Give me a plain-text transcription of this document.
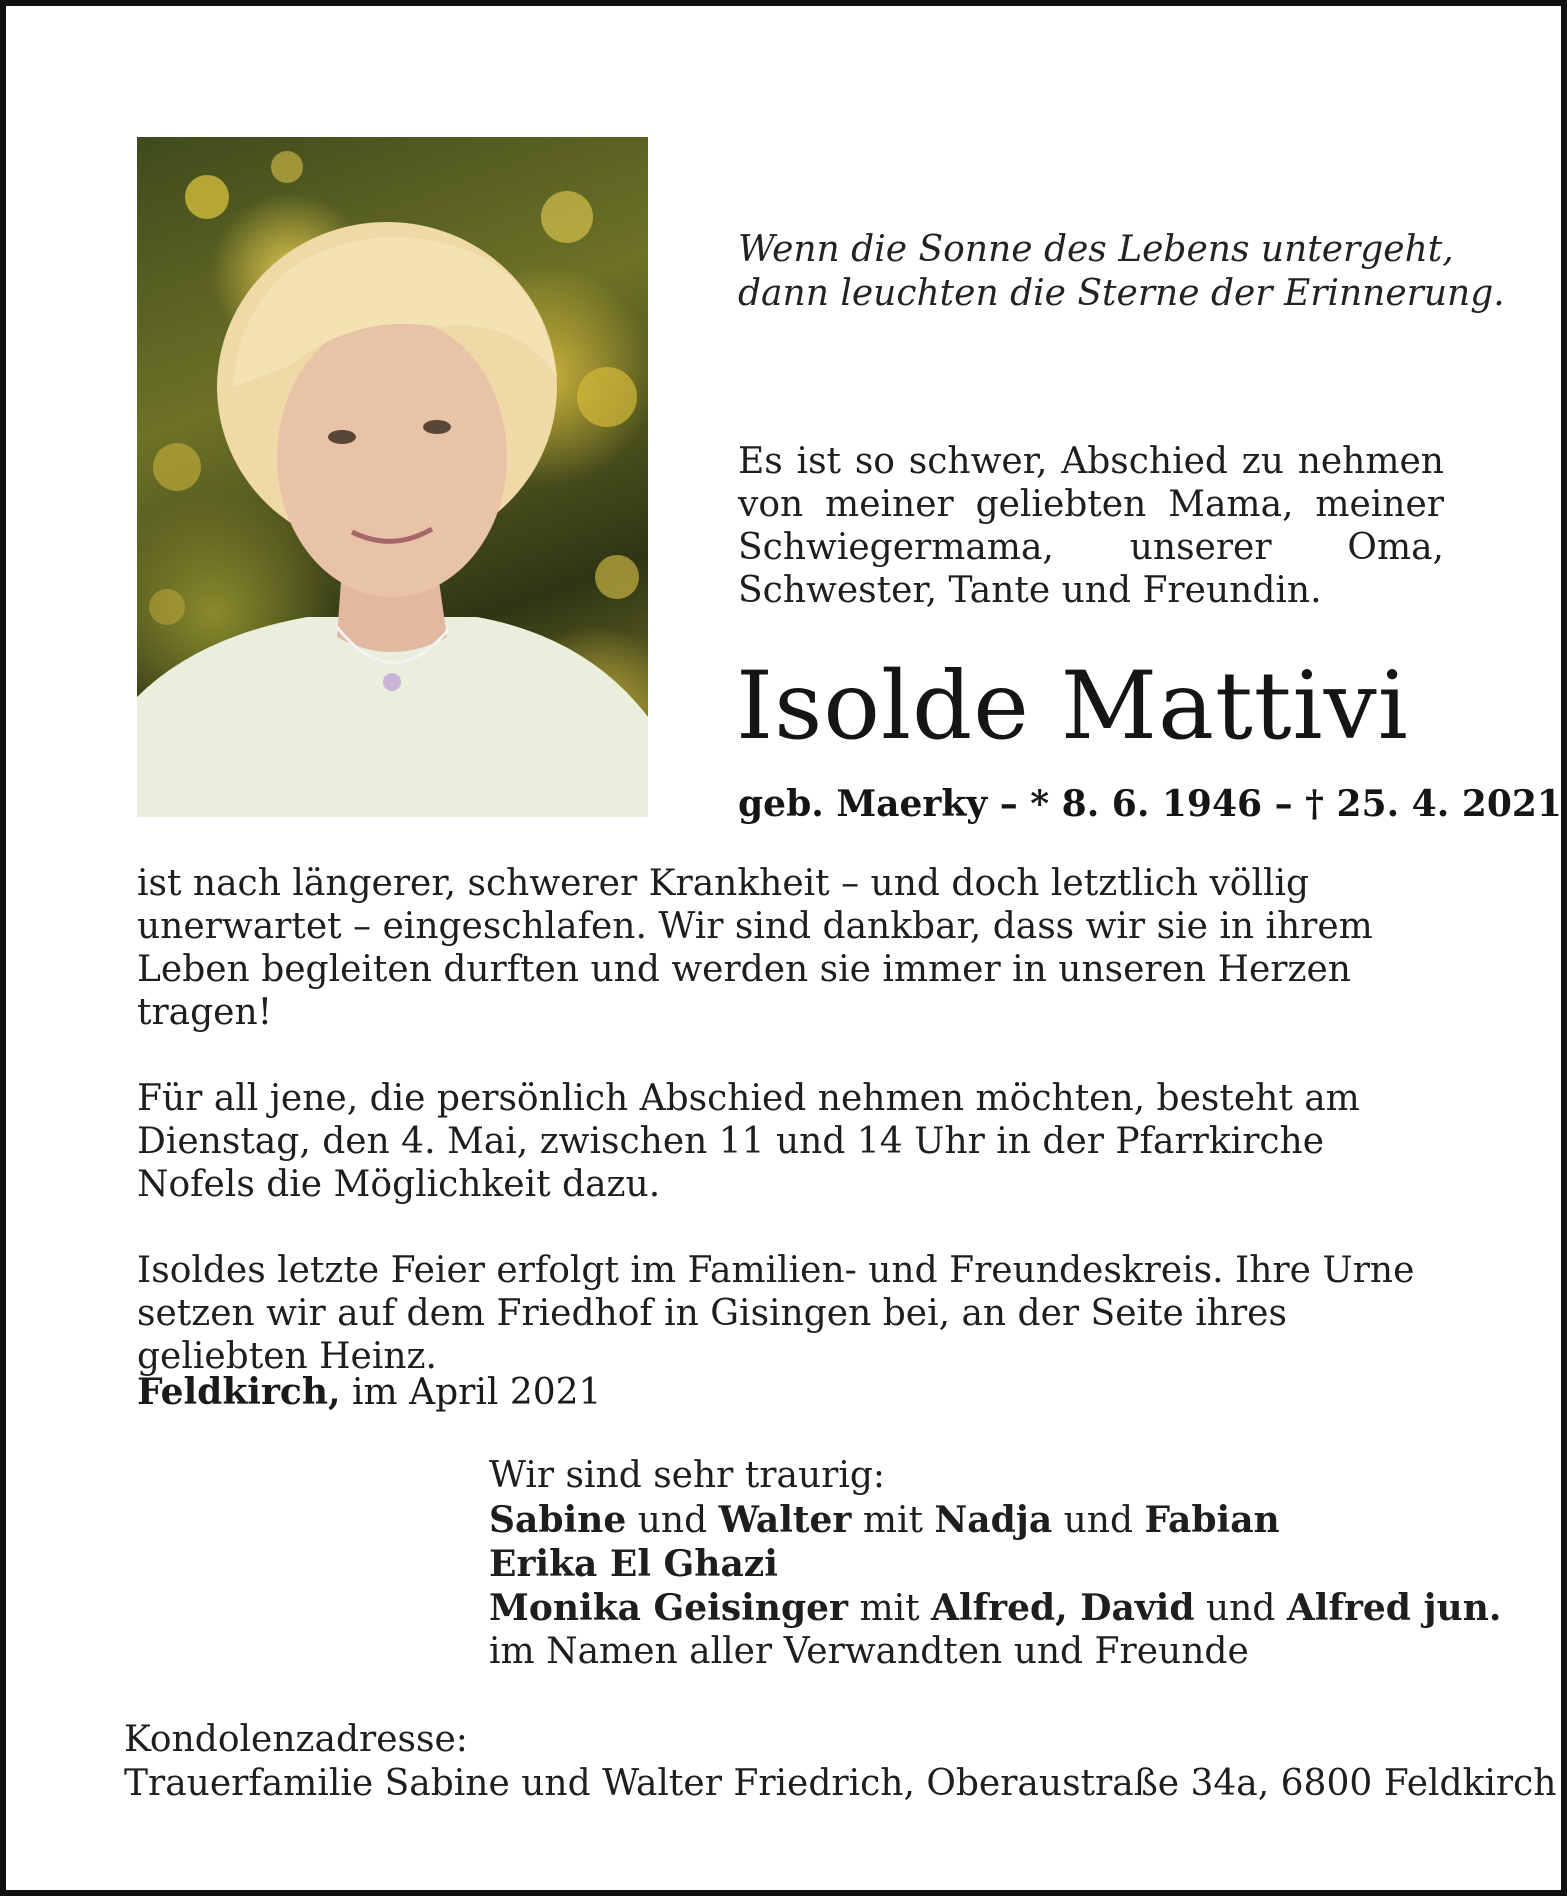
Wenn die Sonne des Lebens untergeht,
dann leuchten die Sterne der Erinnerung.
Es ist so schwer, Abschied zu nehmen von meiner geliebten Mama, meiner Schwiegermama, unserer Oma, Schwester, Tante und Freundin.
Isolde Mattivi
geb. Maerky – * 8. 6. 1946 – † 25. 4. 2021

ist nach längerer, schwerer Krankheit – und doch letztlich völlig unerwartet – eingeschlafen. Wir sind dankbar, dass wir sie in ihrem Leben begleiten durften und werden sie immer in unseren Herzen tragen!

Für all jene, die persönlich Abschied nehmen möchten, besteht am Dienstag, den 4. Mai, zwischen 11 und 14 Uhr in der Pfarrkirche Nofels die Möglichkeit dazu.

Isoldes letzte Feier erfolgt im Familien- und Freundeskreis. Ihre Urne setzen wir auf dem Friedhof in Gisingen bei, an der Seite ihres geliebten Heinz.

Feldkirch, im April 2021
Wir sind sehr traurig:
Sabine und Walter mit Nadja und Fabian
Erika El Ghazi
Monika Geisinger mit Alfred, David und Alfred jun.
im Namen aller Verwandten und Freunde
Kondolenzadresse:
Trauerfamilie Sabine und Walter Friedrich, Oberaustraße 34a, 6800 Feldkirch
